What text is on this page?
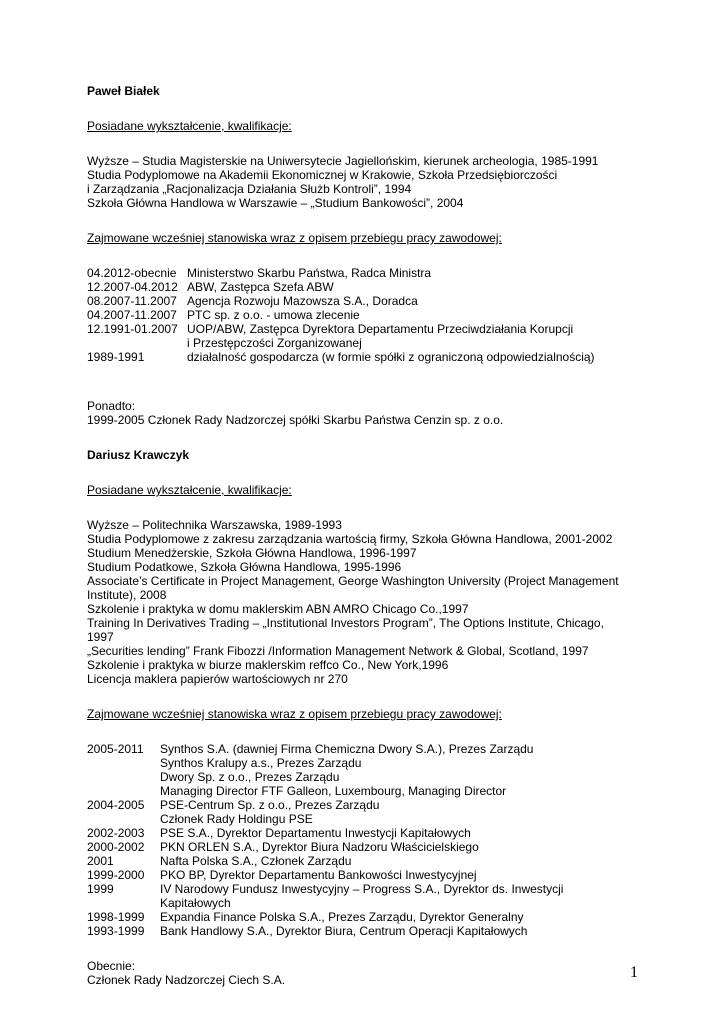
Paweł Białek
Posiadane wykształcenie, kwalifikacje:
Wyższe – Studia Magisterskie na Uniwersytecie Jagiellońskim, kierunek archeologia, 1985-1991
Studia Podyplomowe na Akademii Ekonomicznej w Krakowie, Szkoła Przedsiębiorczości
i Zarządzania „Racjonalizacja Działania Służb Kontroli”, 1994
Szkoła Główna Handlowa w Warszawie – „Studium Bankowości”, 2004
Zajmowane wcześniej stanowiska wraz z opisem przebiegu pracy zawodowej:
04.2012-obecnie Ministerstwo Skarbu Państwa, Radca Ministra
12.2007-04.2012 ABW, Zastępca Szefa ABW
08.2007-11.2007 Agencja Rozwoju Mazowsza S.A., Doradca
04.2007-11.2007 PTC sp. z o.o. - umowa zlecenie
12.1991-01.2007 UOP/ABW, Zastępca Dyrektora Departamentu Przeciwdziałania Korupcji
i Przestępczości Zorganizowanej
1989-1991	działalność gospodarcza (w formie spółki z ograniczoną odpowiedzialnością)
Ponadto:
1999-2005 Członek Rady Nadzorczej spółki Skarbu Państwa Cenzin sp. z o.o.
Dariusz Krawczyk
Posiadane wykształcenie, kwalifikacje:
Wyższe – Politechnika Warszawska, 1989-1993
Studia Podyplomowe z zakresu zarządzania wartością firmy, Szkoła Główna Handlowa, 2001-2002
Studium Menedżerskie, Szkoła Główna Handlowa, 1996-1997
Studium Podatkowe, Szkoła Główna Handlowa, 1995-1996
Associate’s Certificate in Project Management, George Washington University (Project Management
Institute), 2008
Szkolenie i praktyka w domu maklerskim ABN AMRO Chicago Co.,1997
Training In Derivatives Trading – „Institutional Investors Program”, The Options Institute, Chicago,
1997
„Securities lending” Frank Fibozzi /Information Management Network & Global, Scotland, 1997
Szkolenie i praktyka w biurze maklerskim reffco Co., New York,1996
Licencja maklera papierów wartościowych nr 270
Zajmowane wcześniej stanowiska wraz z opisem przebiegu pracy zawodowej:
2005-2011	Synthos S.A. (dawniej Firma Chemiczna Dwory S.A.), Prezes Zarządu
Synthos Kralupy a.s., Prezes Zarządu
Dwory Sp. z o.o., Prezes Zarządu
Managing Director FTF Galleon, Luxembourg, Managing Director
2004-2005	PSE-Centrum Sp. z o.o., Prezes Zarządu
Członek Rady Holdingu PSE
2002-2003	PSE S.A., Dyrektor Departamentu Inwestycji Kapitałowych
2000-2002	PKN ORLEN S.A., Dyrektor Biura Nadzoru Właścicielskiego
2001	Nafta Polska S.A., Członek Zarządu
1999-2000	PKO BP, Dyrektor Departamentu Bankowości Inwestycyjnej
1999	IV Narodowy Fundusz Inwestycyjny – Progress S.A., Dyrektor ds. Inwestycji
Kapitałowych
1998-1999	Expandia Finance Polska S.A., Prezes Zarządu, Dyrektor Generalny
1993-1999	Bank Handlowy S.A., Dyrektor Biura, Centrum Operacji Kapitałowych
Obecnie:
Członek Rady Nadzorczej Ciech S.A.	1
